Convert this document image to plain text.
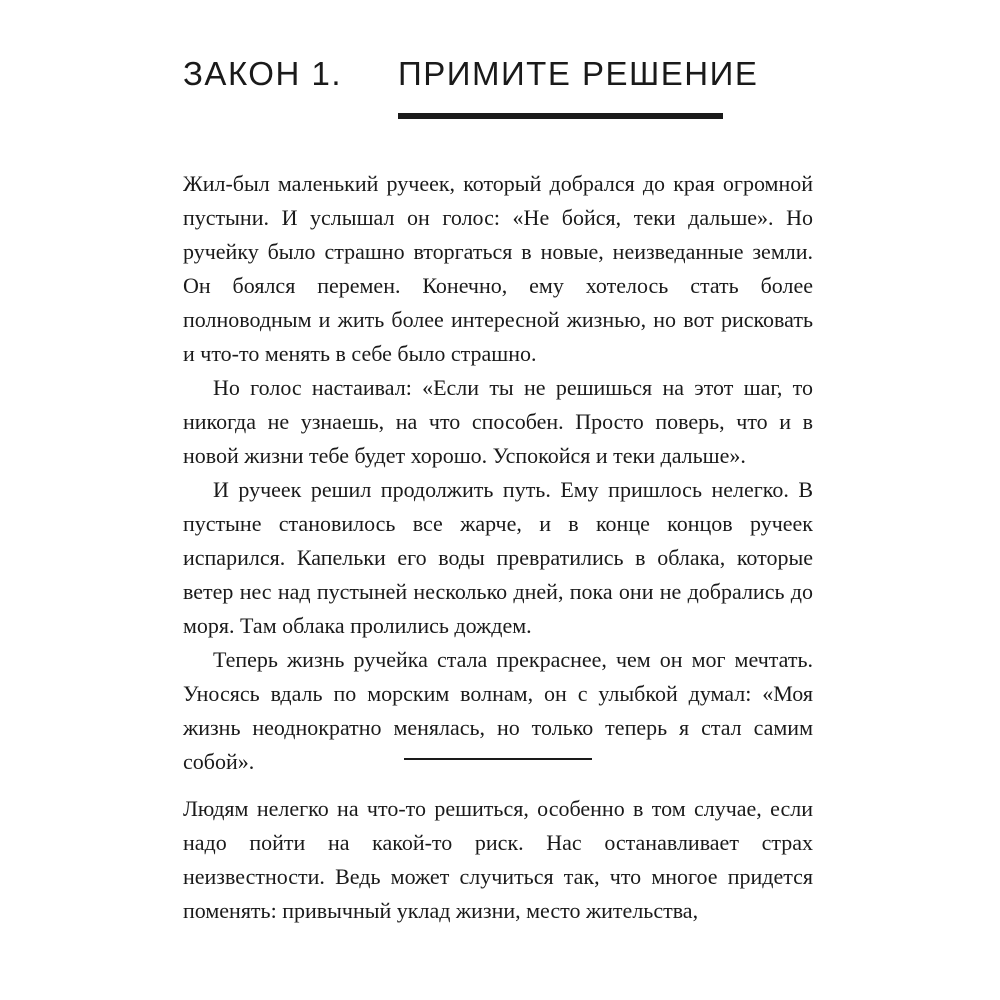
ЗАКОН 1. ПРИМИТЕ РЕШЕНИЕ

Жил-был маленький ручеек, который добрался до края огромной пустыни. И услышал он голос: «Не бойся, теки дальше». Но ручейку было страшно вторгаться в новые, неизведанные земли. Он боялся перемен. Конечно, ему хотелось стать более полноводным и жить более интересной жизнью, но вот рисковать и что-то менять в себе было страшно.

Но голос настаивал: «Если ты не решишься на этот шаг, то никогда не узнаешь, на что способен. Просто поверь, что и в новой жизни тебе будет хорошо. Успокойся и теки дальше».

И ручеек решил продолжить путь. Ему пришлось нелегко. В пустыне становилось все жарче, и в конце концов ручеек испарился. Капельки его воды превратились в облака, которые ветер нес над пустыней несколько дней, пока они не добрались до моря. Там облака пролились дождем.

Теперь жизнь ручейка стала прекраснее, чем он мог мечтать. Уносясь вдаль по морским волнам, он с улыбкой думал: «Моя жизнь неоднократно менялась, но только теперь я стал самим собой».

Людям нелегко на что-то решиться, особенно в том случае, если надо пойти на какой-то риск. Нас останавливает страх неизвестности. Ведь может случиться так, что многое придется поменять: привычный уклад жизни, место жительства,
